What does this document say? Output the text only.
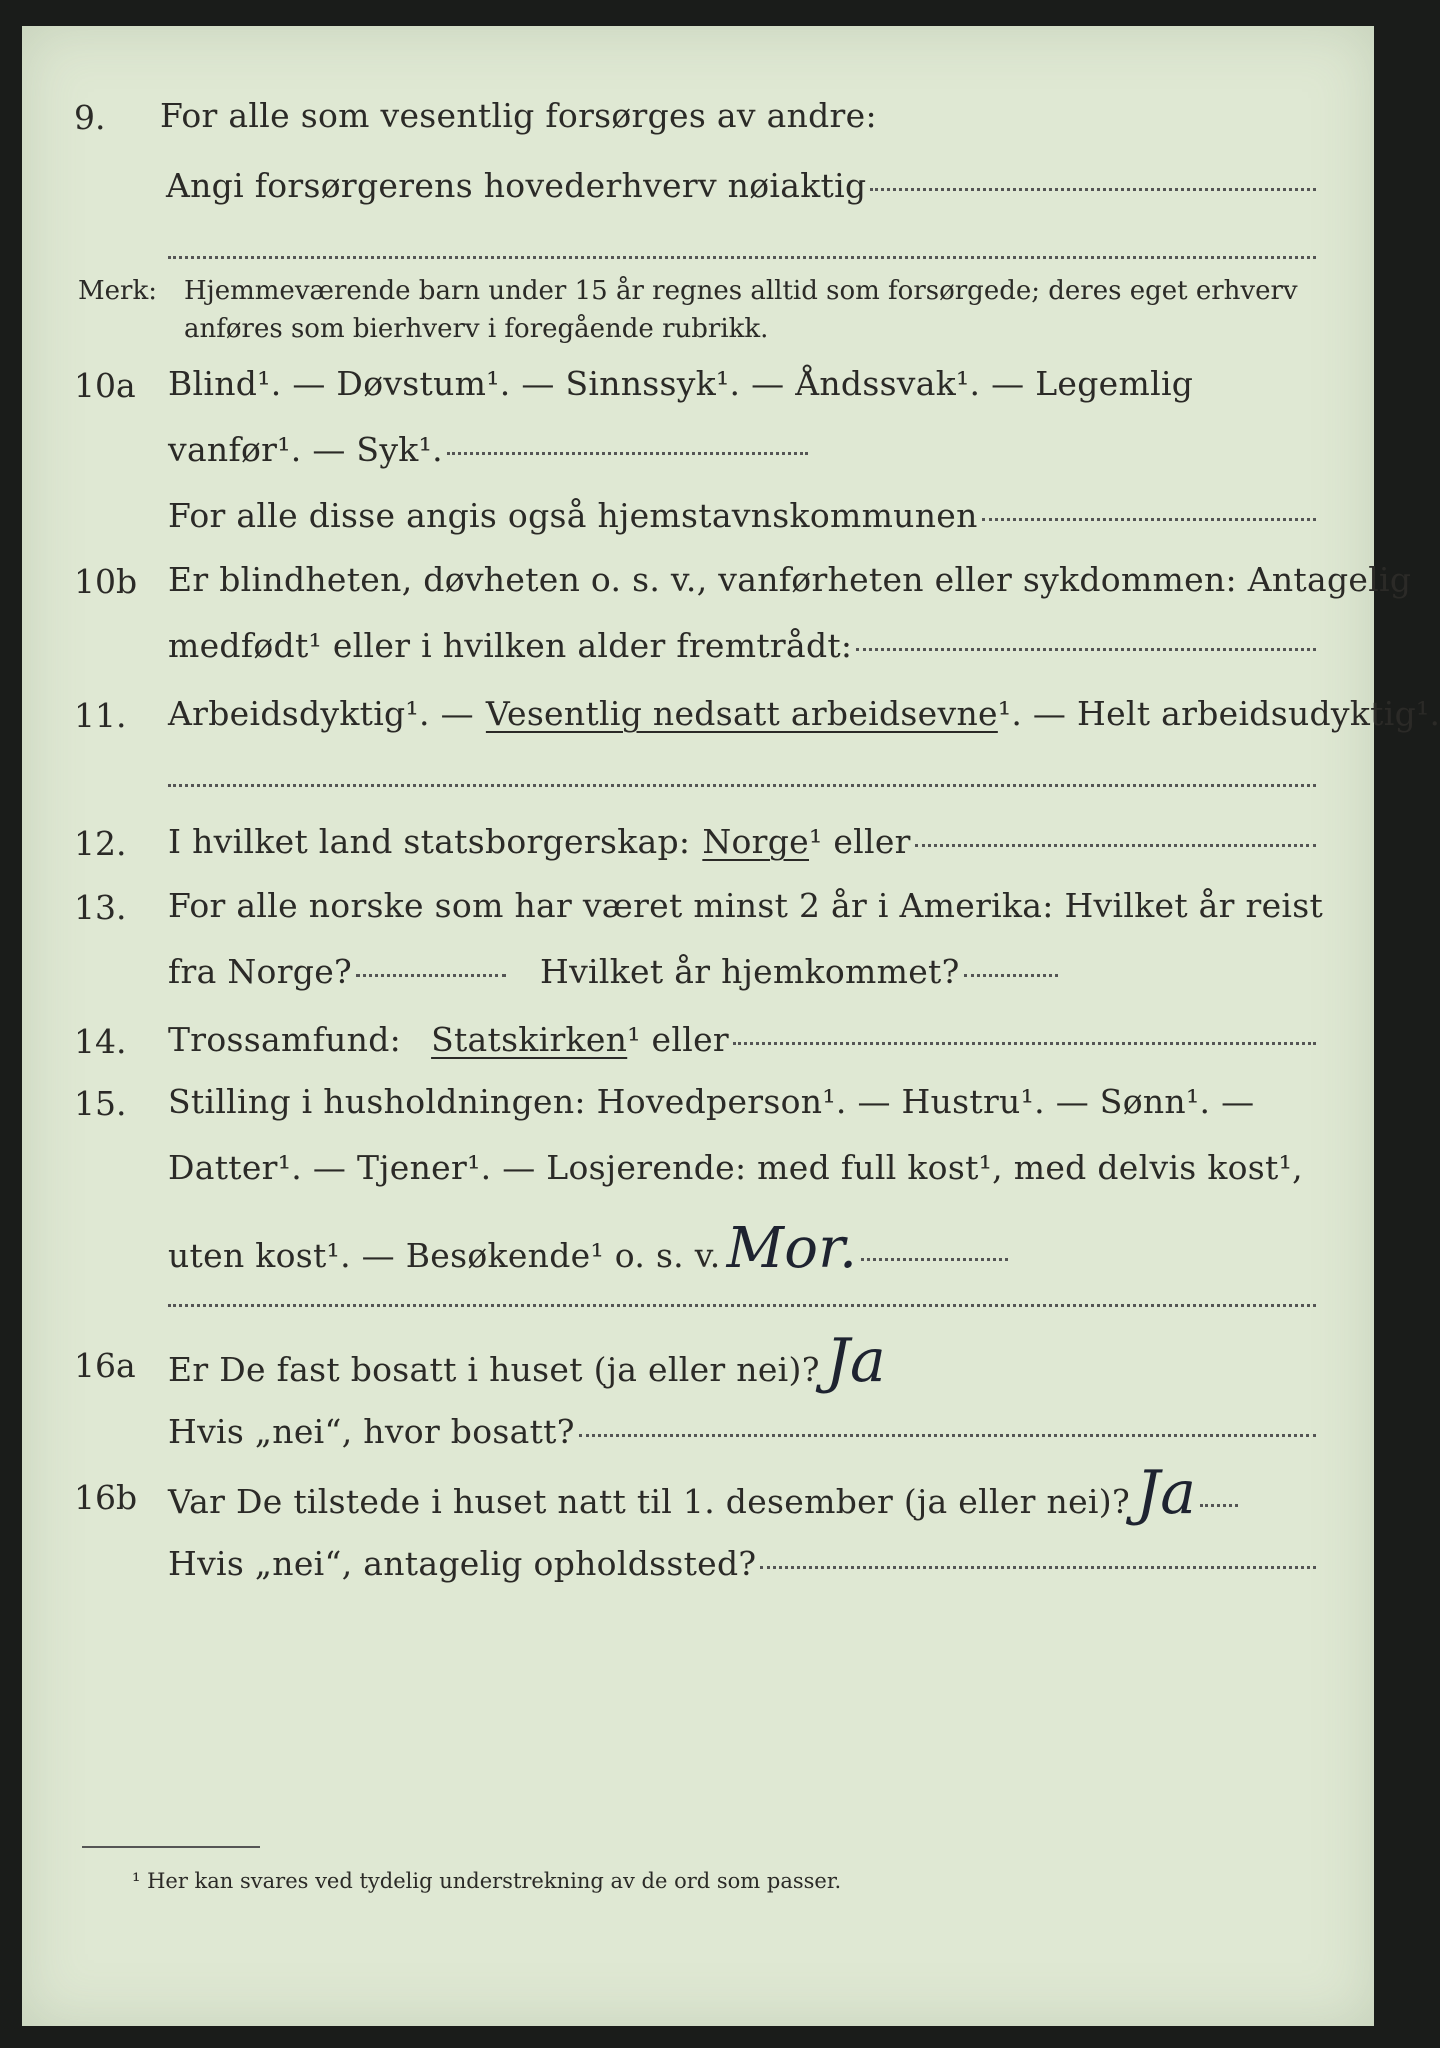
9. For alle som vesentlig forsørges av andre:
Angi forsørgerens hovederhverv nøiaktig
Merk: Hjemmeværende barn under 15 år regnes alltid som forsørgede; deres eget erhverv
anføres som bierhverv i foregående rubrikk.
10a Blind¹. — Døvstum¹. — Sinnssyk¹. — Åndssvak¹. — Legemlig
vanfør¹. — Syk¹.
For alle disse angis også hjemstavnskommunen
10b Er blindheten, døvheten o. s. v., vanførheten eller sykdommen: Antagelig
medfødt¹ eller i hvilken alder fremtrådt:
11. Arbeidsdyktig¹. — Vesentlig nedsatt arbeidsevne ¹. — Helt arbeidsudyktig¹.
12. I hvilket land statsborgerskap: Norge ¹ eller
13. For alle norske som har været minst 2 år i Amerika: Hvilket år reist
fra Norge?	Hvilket år hjemkommet?
14. Trossamfund: Statskirken ¹ eller
15. Stilling i husholdningen: Hovedperson¹. — Hustru¹. — Sønn¹. —
Datter¹. — Tjener¹. — Losjerende: med full kost¹, med delvis kost¹,
uten kost¹. — Besøkende¹ o. s. v. Mor.
16a Er De fast bosatt i huset (ja eller nei)? Ja
Hvis „nei“, hvor bosatt?
16b Var De tilstede i huset natt til 1. desember (ja eller nei)? Ja
Hvis „nei“, antagelig opholdssted?
¹ Her kan svares ved tydelig understrekning av de ord som passer.
